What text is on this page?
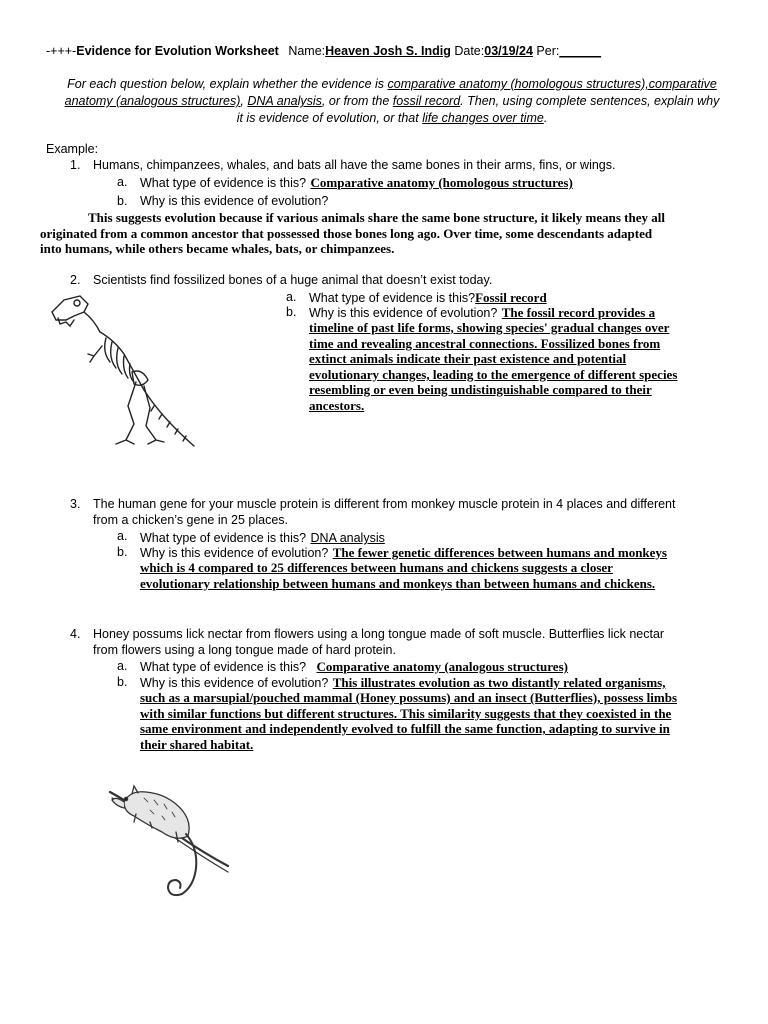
-+++-Evidence for Evolution Worksheet Name:Heaven Josh S. Indig Date:03/19/24 Per:______
For each question below, explain whether the evidence is comparative anatomy (homologous structures),comparative anatomy (analogous structures), DNA analysis, or from the fossil record. Then, using complete sentences, explain why it is evidence of evolution, or that life changes over time.
Example:
1. Humans, chimpanzees, whales, and bats all have the same bones in their arms, fins, or wings.
a. What type of evidence is this? Comparative anatomy (homologous structures)
b. Why is this evidence of evolution?
This suggests evolution because if various animals share the same bone structure, it likely means they all
originated from a common ancestor that possessed those bones long ago. Over time, some descendants adapted
into humans, while others became whales, bats, or chimpanzees.
2. Scientists find fossilized bones of a huge animal that doesn’t exist today.
a. What type of evidence is this?Fossil record
b. Why is this evidence of evolution? The fossil record provides a
timeline of past life forms, showing species' gradual changes over
time and revealing ancestral connections. Fossilized bones from
extinct animals indicate their past existence and potential
evolutionary changes, leading to the emergence of different species
resembling or even being undistinguishable compared to their
ancestors.
3. The human gene for your muscle protein is different from monkey muscle protein in 4 places and different
from a chicken’s gene in 25 places.
a. What type of evidence is this? DNA analysis
b. Why is this evidence of evolution? The fewer genetic differences between humans and monkeys
which is 4 compared to 25 differences between humans and chickens suggests a closer
evolutionary relationship between humans and monkeys than between humans and chickens.
4. Honey possums lick nectar from flowers using a long tongue made of soft muscle. Butterflies lick nectar
from flowers using a long tongue made of hard protein.
a. What type of evidence is this? Comparative anatomy (analogous structures)
b. Why is this evidence of evolution? This illustrates evolution as two distantly related organisms,
such as a marsupial/pouched mammal (Honey possums) and an insect (Butterflies), possess limbs
with similar functions but different structures. This similarity suggests that they coexisted in the
same environment and independently evolved to fulfill the same function, adapting to survive in
their shared habitat.
